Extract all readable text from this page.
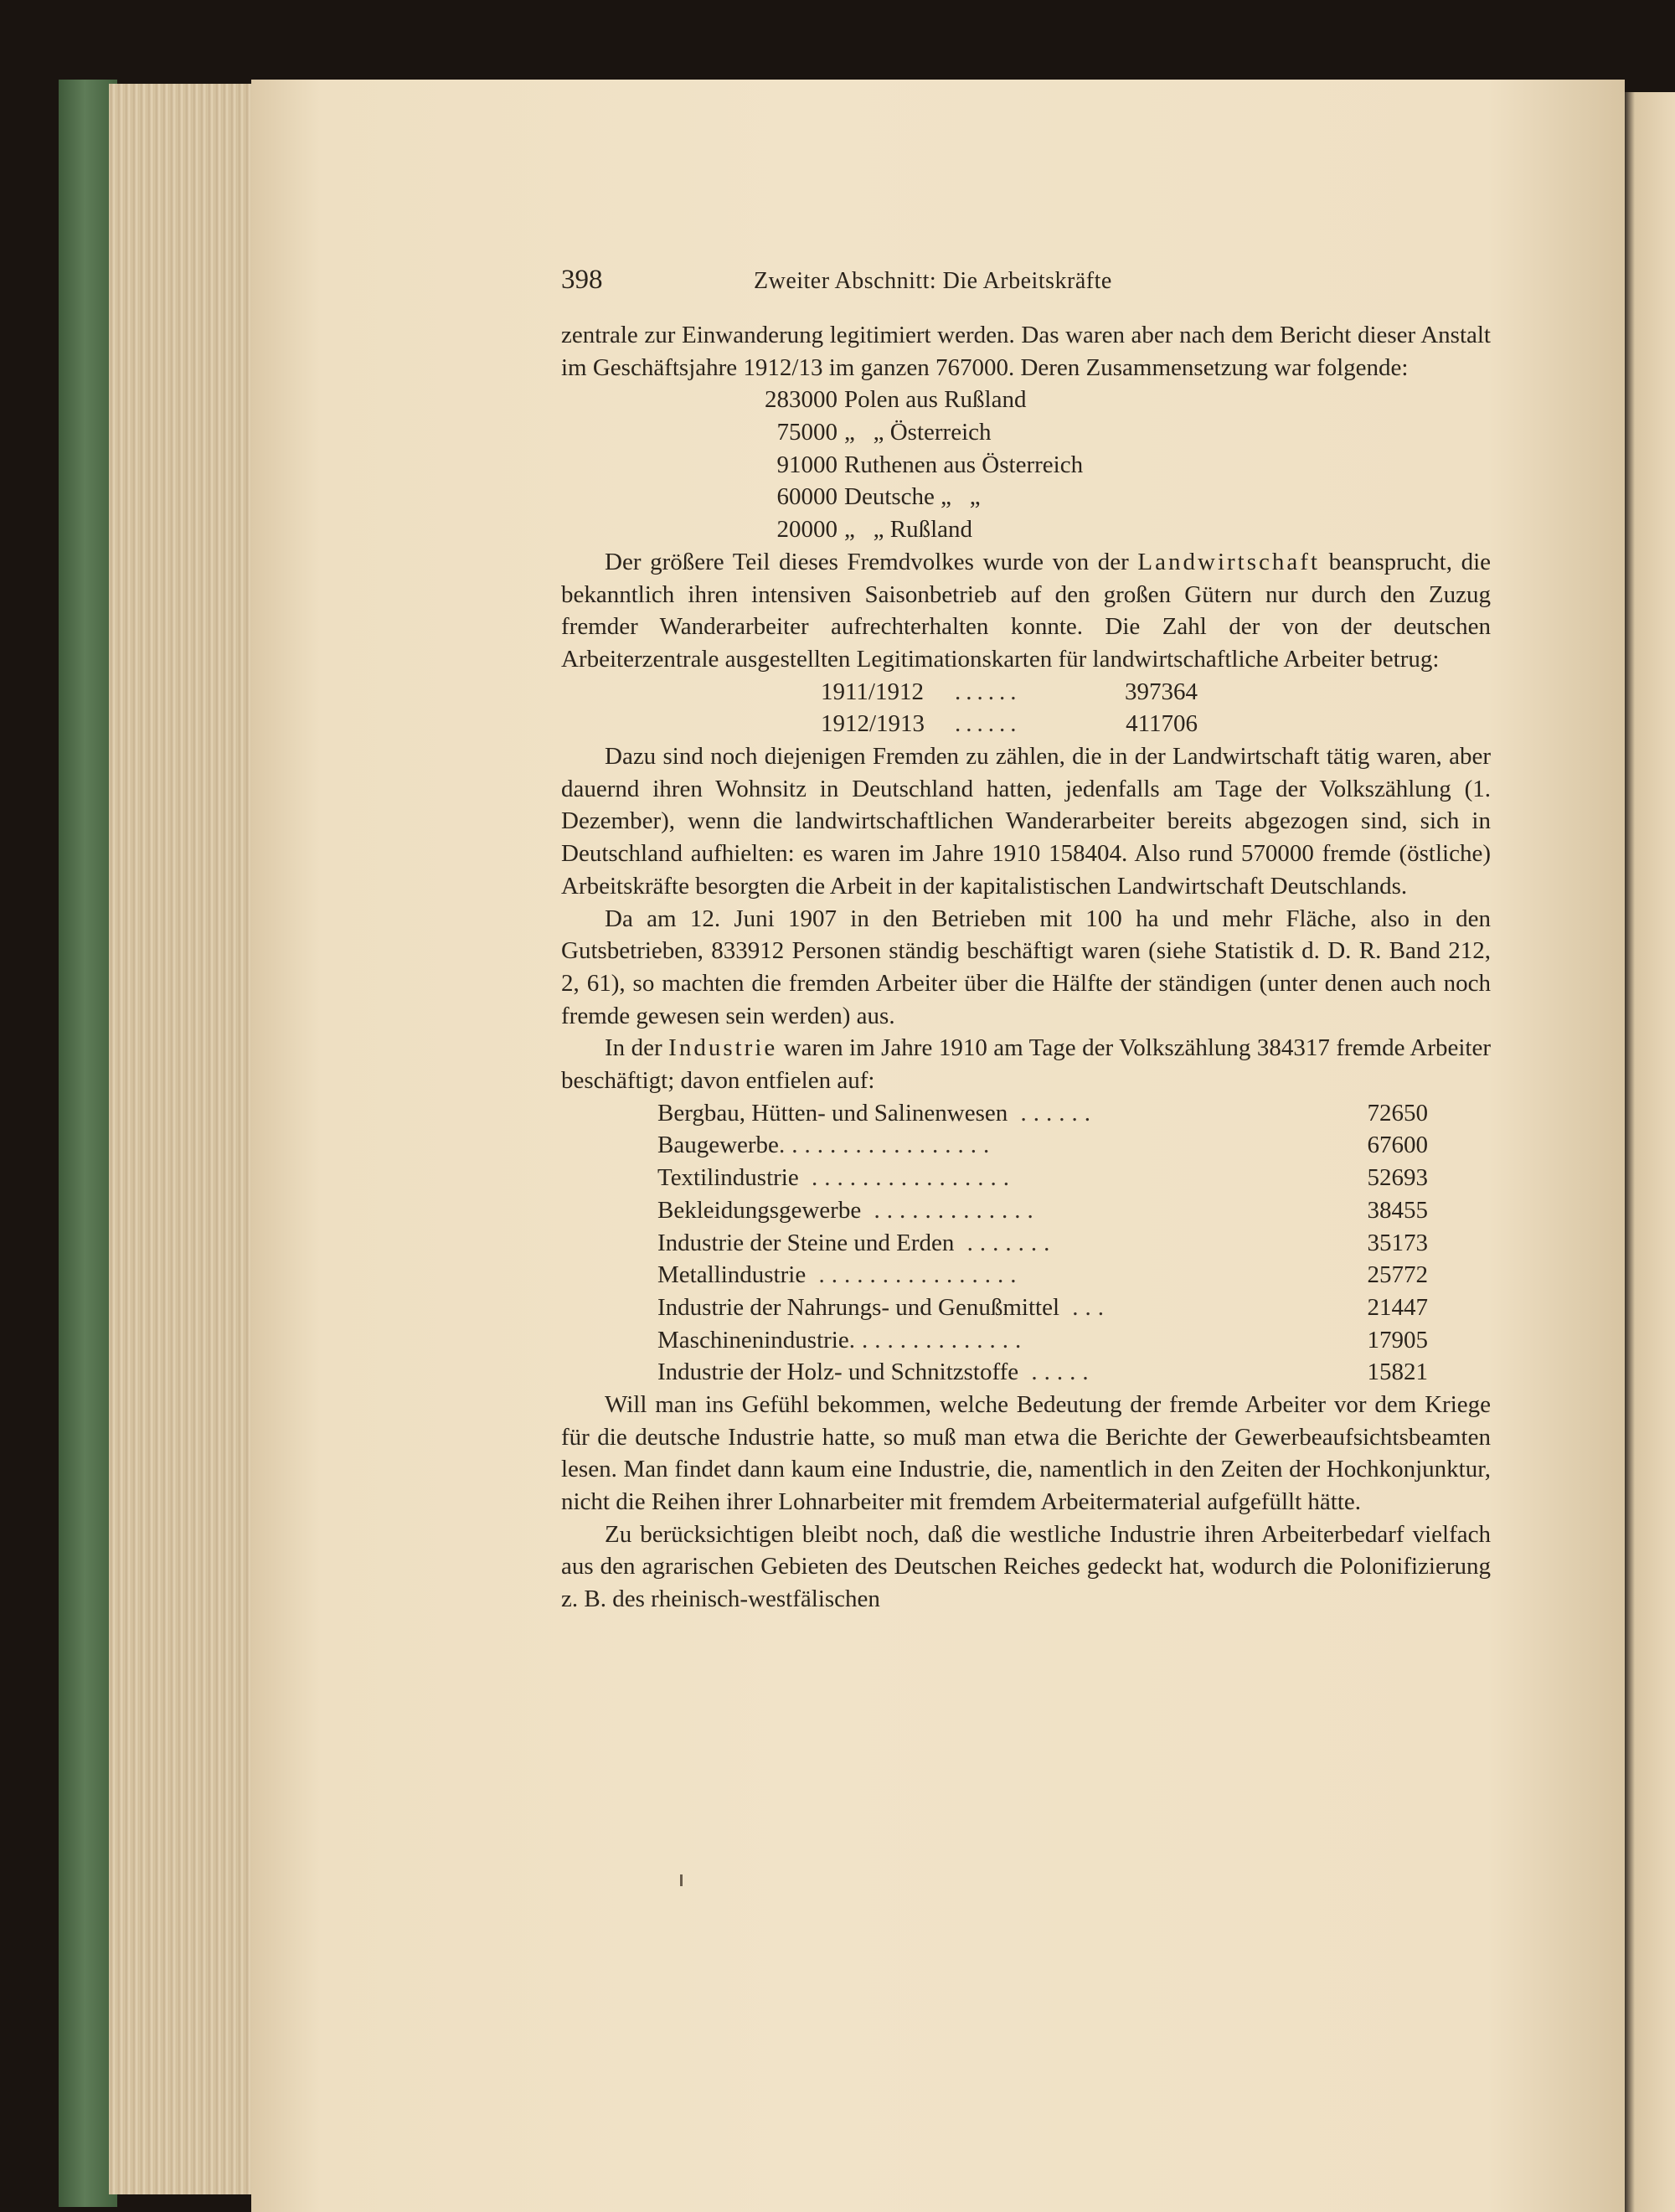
398	Zweiter Abschnitt: Die Arbeitskräfte

zentrale zur Einwanderung legitimiert werden. Das waren aber nach dem Bericht dieser Anstalt im Geschäftsjahre 1912/13 im ganzen 767000. Deren Zusammensetzung war folgende:

283000 Polen aus Rußland
75000 „   „ Österreich
91000 Ruthenen aus Österreich
60000 Deutsche „   „
20000 „   „ Rußland

Der größere Teil dieses Fremdvolkes wurde von der Landwirtschaft beansprucht, die bekanntlich ihren intensiven Saisonbetrieb auf den großen Gütern nur durch den Zuzug fremder Wanderarbeiter aufrechterhalten konnte. Die Zahl der von der deutschen Arbeiterzentrale ausgestellten Legitimationskarten für landwirtschaftliche Arbeiter betrug:

1911/1912	......	397364
1912/1913	......	411706

Dazu sind noch diejenigen Fremden zu zählen, die in der Landwirtschaft tätig waren, aber dauernd ihren Wohnsitz in Deutschland hatten, jedenfalls am Tage der Volkszählung (1. Dezember), wenn die landwirtschaftlichen Wanderarbeiter bereits abgezogen sind, sich in Deutschland aufhielten: es waren im Jahre 1910 158404. Also rund 570000 fremde (östliche) Arbeitskräfte besorgten die Arbeit in der kapitalistischen Landwirtschaft Deutschlands.

Da am 12. Juni 1907 in den Betrieben mit 100 ha und mehr Fläche, also in den Gutsbetrieben, 833912 Personen ständig beschäftigt waren (siehe Statistik d. D. R. Band 212, 2, 61), so machten die fremden Arbeiter über die Hälfte der ständigen (unter denen auch noch fremde gewesen sein werden) aus.

In der Industrie waren im Jahre 1910 am Tage der Volkszählung 384317 fremde Arbeiter beschäftigt; davon entfielen auf:

Bergbau, Hütten- und Salinenwesen ......	72650
Baugewerbe.................	67600
Textilindustrie ................	52693
Bekleidungsgewerbe .............	38455
Industrie der Steine und Erden .......	35173
Metallindustrie ................	25772
Industrie der Nahrungs- und Genußmittel ...	21447
Maschinenindustrie..............	17905
Industrie der Holz- und Schnitzstoffe .....	15821

Will man ins Gefühl bekommen, welche Bedeutung der fremde Arbeiter vor dem Kriege für die deutsche Industrie hatte, so muß man etwa die Berichte der Gewerbeaufsichtsbeamten lesen. Man findet dann kaum eine Industrie, die, namentlich in den Zeiten der Hochkonjunktur, nicht die Reihen ihrer Lohnarbeiter mit fremdem Arbeitermaterial aufgefüllt hätte.

Zu berücksichtigen bleibt noch, daß die westliche Industrie ihren Arbeiterbedarf vielfach aus den agrarischen Gebieten des Deutschen Reiches gedeckt hat, wodurch die Polonifizierung z. B. des rheinisch-westfälischen
